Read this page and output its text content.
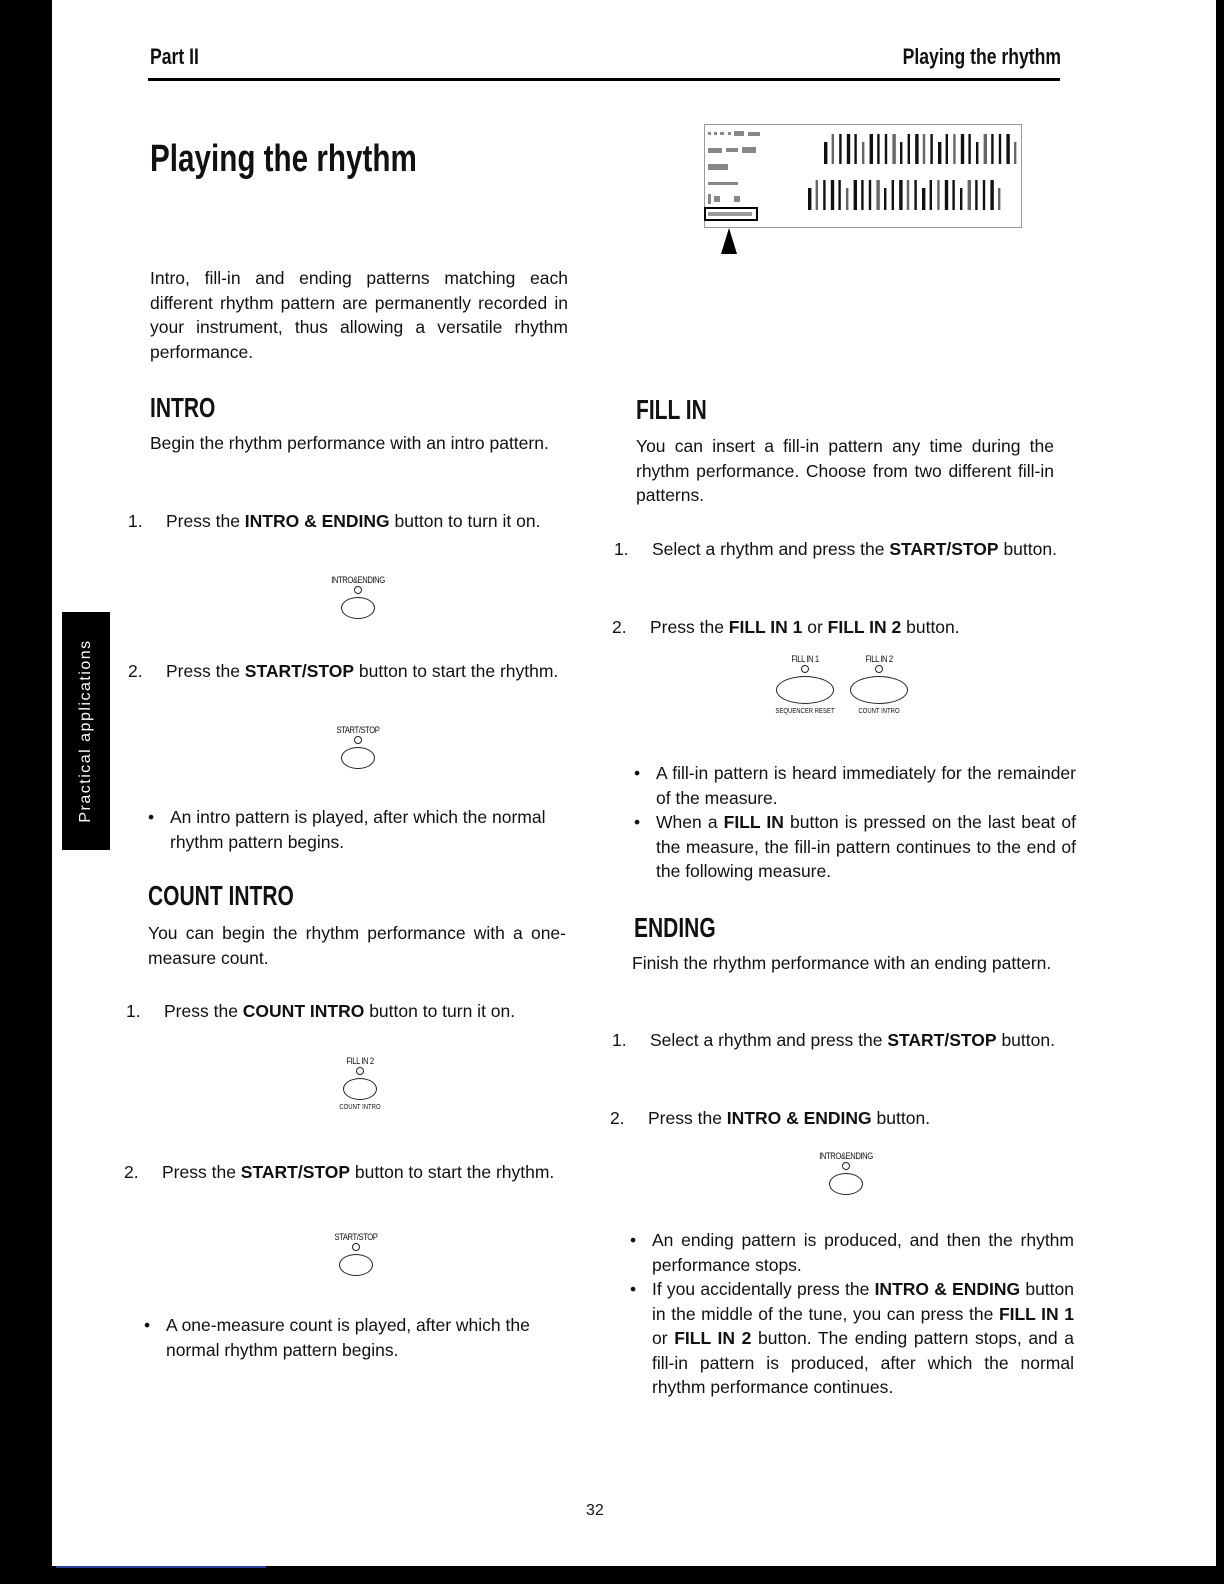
Practical applications
Part II	Playing the rhythm
Playing the rhythm

Intro, fill-in and ending patterns matching each different rhythm pattern are permanently recorded in your instrument, thus allowing a versatile rhythm performance.

INTRO

Begin the rhythm performance with an intro pattern.

1. Press the INTRO & ENDING button to turn it on.

INTRO&ENDING

2. Press the START/STOP button to start the rhythm.

START/STOP

• An intro pattern is played, after which the normal rhythm pattern begins.

COUNT INTRO

You can begin the rhythm performance with a one-measure count.

1. Press the COUNT INTRO button to turn it on.

FILL IN 2
COUNT INTRO

2. Press the START/STOP button to start the rhythm.

START/STOP

• A one-measure count is played, after which the normal rhythm pattern begins.

FILL IN

You can insert a fill-in pattern any time during the rhythm performance. Choose from two different fill-in patterns.

1. Select a rhythm and press the START/STOP button.

2. Press the FILL IN 1 or FILL IN 2 button.

FILL IN 1
SEQUENCER RESET
FILL IN 2
COUNT INTRO

• A fill-in pattern is heard immediately for the remainder of the measure.

• When a FILL IN button is pressed on the last beat of the measure, the fill-in pattern continues to the end of the following measure.

ENDING

Finish the rhythm performance with an ending pattern.

1. Select a rhythm and press the START/STOP button.

2. Press the INTRO & ENDING button.

INTRO&ENDING

• An ending pattern is produced, and then the rhythm performance stops.

• If you accidentally press the INTRO & ENDING button in the middle of the tune, you can press the FILL IN 1 or FILL IN 2 button. The ending pattern stops, and a fill-in pattern is produced, after which the normal rhythm performance continues.

32
